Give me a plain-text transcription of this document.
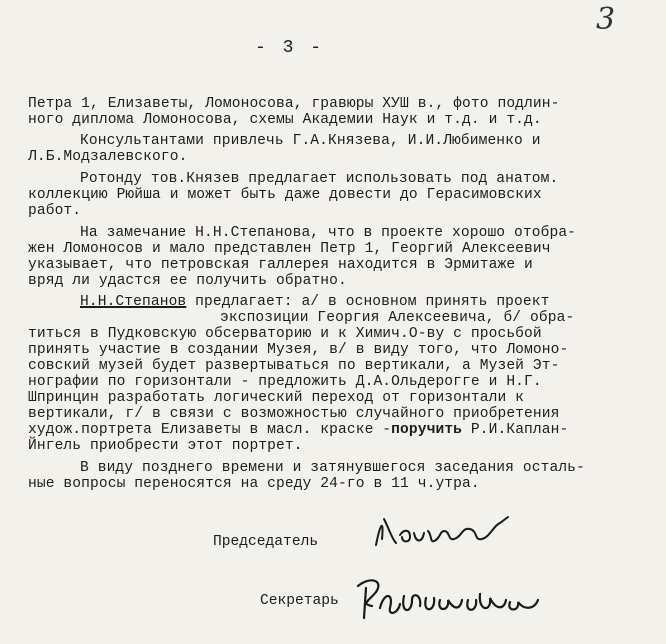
3
- 3 -
Петра 1, Елизаветы, Ломоносова, гравюры ХУШ в., фото подлин-
ного диплома Ломоносова, схемы Академии Наук и т.д. и т.д.
Консультантами привлечь Г.А.Князева, И.И.Любименко и
Л.Б.Модзалевского.
Ротонду тов.Князев предлагает использовать под анатом.
коллекцию Рюйша и может быть даже довести до Герасимовских
работ.
На замечание Н.Н.Степанова, что в проекте хорошо отобра-
жен Ломоносов и мало представлен Петр 1, Георгий Алексеевич
указывает, что петровская галлерея находится в Эрмитаже и
вряд ли удастся ее получить обратно.
Н.Н.Степанов предлагает: а/ в основном принять проект
экспозиции Георгия Алексеевича, б/ обра-
титься в Пудковскую обсерваторию и к Химич.О-ву с просьбой
принять участие в создании Музея, в/ в виду того, что Ломоно-
совский музей будет развертываться по вертикали, а Музей Эт-
нографии по горизонтали - предложить Д.А.Ольдерогге и Н.Г.
Шпринцин разработать логический переход от горизонтали к
вертикали, г/ в связи с возможностью случайного приобретения
худож.портрета Елизаветы в масл. краске -поручить Р.И.Каплан-
Йнгель приобрести этот портрет.
В виду позднего времени и затянувшегося заседания осталь-
ные вопросы переносятся на среду 24-го в 11 ч.утра.
Председатель
Секретарь
